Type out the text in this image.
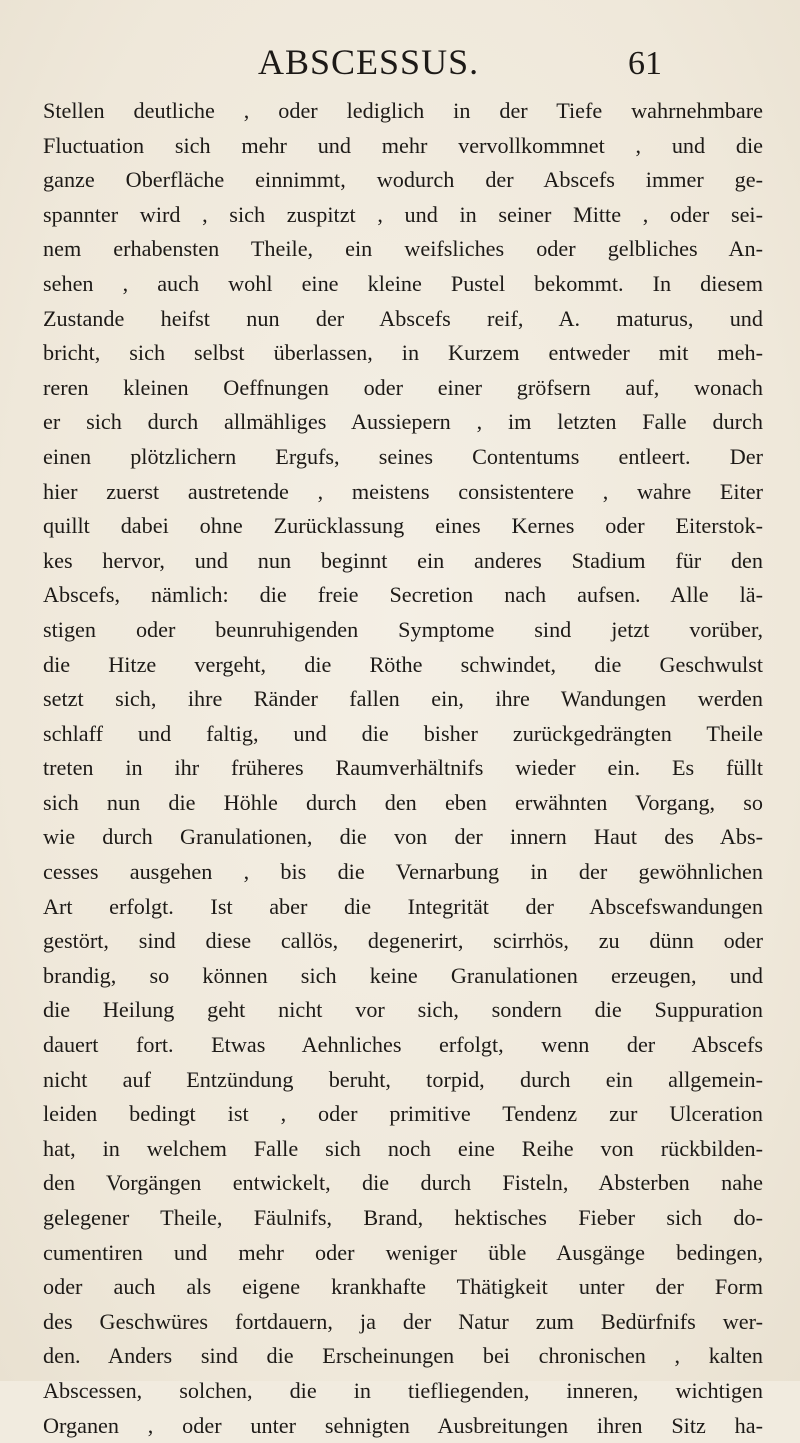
ABSCESSUS.	61
Stellen deutliche , oder lediglich in der Tiefe wahrnehmbare
Fluctuation sich mehr und mehr vervollkommnet , und die
ganze Oberfläche einnimmt, wodurch der Abscefs immer ge-
spannter wird , sich zuspitzt , und in seiner Mitte , oder sei-
nem erhabensten Theile, ein weifsliches oder gelbliches An-
sehen , auch wohl eine kleine Pustel bekommt. In diesem
Zustande heifst nun der Abscefs reif, A. maturus, und
bricht, sich selbst überlassen, in Kurzem entweder mit meh-
reren kleinen Oeffnungen oder einer gröfsern auf, wonach
er sich durch allmähliges Aussiepern , im letzten Falle durch
einen plötzlichern Ergufs, seines Contentums entleert. Der
hier zuerst austretende , meistens consistentere , wahre Eiter
quillt dabei ohne Zurücklassung eines Kernes oder Eiterstok-
kes hervor, und nun beginnt ein anderes Stadium für den
Abscefs, nämlich: die freie Secretion nach aufsen. Alle lä-
stigen oder beunruhigenden Symptome sind jetzt vorüber,
die Hitze vergeht, die Röthe schwindet, die Geschwulst
setzt sich, ihre Ränder fallen ein, ihre Wandungen werden
schlaff und faltig, und die bisher zurückgedrängten Theile
treten in ihr früheres Raumverhältnifs wieder ein. Es füllt
sich nun die Höhle durch den eben erwähnten Vorgang, so
wie durch Granulationen, die von der innern Haut des Abs-
cesses ausgehen , bis die Vernarbung in der gewöhnlichen
Art erfolgt. Ist aber die Integrität der Abscefswandungen
gestört, sind diese callös, degenerirt, scirrhös, zu dünn oder
brandig, so können sich keine Granulationen erzeugen, und
die Heilung geht nicht vor sich, sondern die Suppuration
dauert fort. Etwas Aehnliches erfolgt, wenn der Abscefs
nicht auf Entzündung beruht, torpid, durch ein allgemein-
leiden bedingt ist , oder primitive Tendenz zur Ulceration
hat, in welchem Falle sich noch eine Reihe von rückbilden-
den Vorgängen entwickelt, die durch Fisteln, Absterben nahe
gelegener Theile, Fäulnifs, Brand, hektisches Fieber sich do-
cumentiren und mehr oder weniger üble Ausgänge bedingen,
oder auch als eigene krankhafte Thätigkeit unter der Form
des Geschwüres fortdauern, ja der Natur zum Bedürfnifs wer-
den. Anders sind die Erscheinungen bei chronischen , kalten
Abscessen, solchen, die in tiefliegenden, inneren, wichtigen
Organen , oder unter sehnigten Ausbreitungen ihren Sitz ha-
